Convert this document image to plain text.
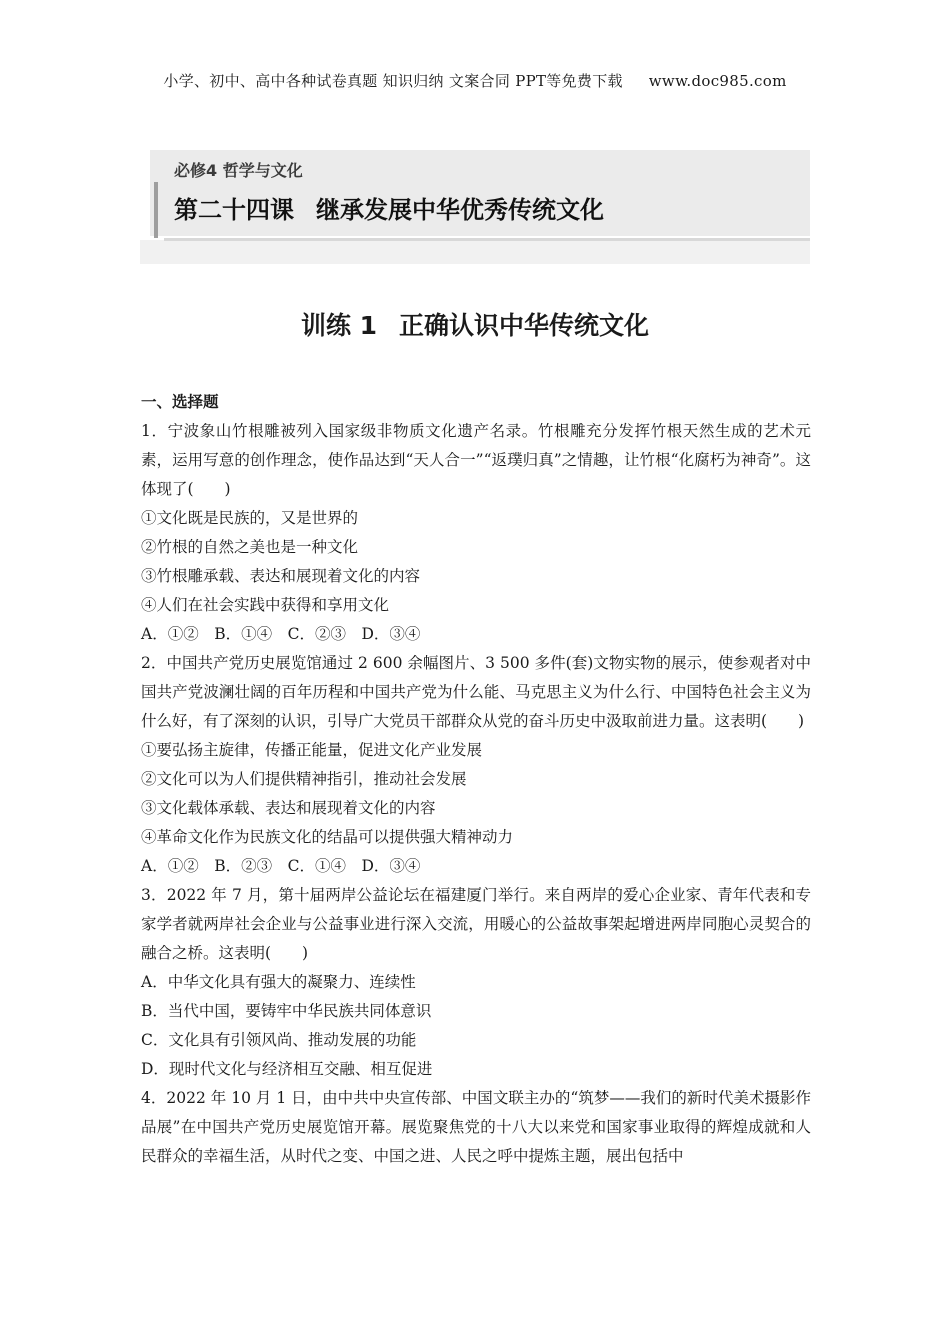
小学、初中、高中各种试卷真题 知识归纳 文案合同 PPT等免费下载 www.doc985.com
必修4 哲学与文化
第二十四课 继承发展中华优秀传统文化
训练 1 正确认识中华传统文化
一、选择题

1．宁波象山竹根雕被列入国家级非物质文化遗产名录。竹根雕充分发挥竹根天然生成的艺术元素，运用写意的创作理念，使作品达到“天人合一”“返璞归真”之情趣，让竹根“化腐朽为神奇”。这体现了(　　)

①文化既是民族的，又是世界的

②竹根的自然之美也是一种文化

③竹根雕承载、表达和展现着文化的内容

④人们在社会实践中获得和享用文化

A．①②　B．①④　C．②③　D．③④

2．中国共产党历史展览馆通过 2 600 余幅图片、3 500 多件(套)文物实物的展示，使参观者对中国共产党波澜壮阔的百年历程和中国共产党为什么能、马克思主义为什么行、中国特色社会主义为什么好，有了深刻的认识，引导广大党员干部群众从党的奋斗历史中汲取前进力量。这表明(　　)

①要弘扬主旋律，传播正能量，促进文化产业发展

②文化可以为人们提供精神指引，推动社会发展

③文化载体承载、表达和展现着文化的内容

④革命文化作为民族文化的结晶可以提供强大精神动力

A．①②　B．②③　C．①④　D．③④

3．2022 年 7 月，第十届两岸公益论坛在福建厦门举行。来自两岸的爱心企业家、青年代表和专家学者就两岸社会企业与公益事业进行深入交流，用暖心的公益故事架起增进两岸同胞心灵契合的融合之桥。这表明(　　)

A．中华文化具有强大的凝聚力、连续性

B．当代中国，要铸牢中华民族共同体意识

C．文化具有引领风尚、推动发展的功能

D．现时代文化与经济相互交融、相互促进

4．2022 年 10 月 1 日，由中共中央宣传部、中国文联主办的“筑梦——我们的新时代美术摄影作品展”在中国共产党历史展览馆开幕。展览聚焦党的十八大以来党和国家事业取得的辉煌成就和人民群众的幸福生活，从时代之变、中国之进、人民之呼中提炼主题，展出包括中
